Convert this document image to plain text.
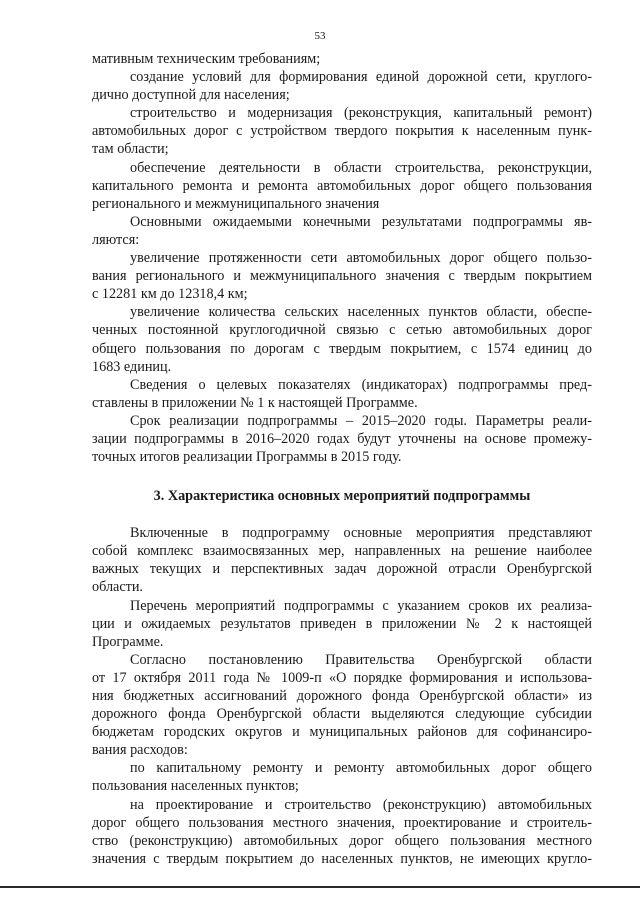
53
мативным техническим требованиям;
создание условий для формирования единой дорожной сети, круглого-
дично доступной для населения;
строительство и модернизация (реконструкция, капитальный ремонт)
автомобильных дорог с устройством твердого покрытия к населенным пунк-
там области;
обеспечение деятельности в области строительства, реконструкции,
капитального ремонта и ремонта автомобильных дорог общего пользования
регионального и межмуниципального значения
Основными ожидаемыми конечными результатами подпрограммы яв-
ляются:
увеличение протяженности сети автомобильных дорог общего пользо-
вания регионального и межмуниципального значения с твердым покрытием
с 12281 км до 12318,4 км;
увеличение количества сельских населенных пунктов области, обеспе-
ченных постоянной круглогодичной связью с сетью автомобильных дорог
общего пользования по дорогам с твердым покрытием, с 1574 единиц до
1683 единиц.
Сведения о целевых показателях (индикаторах) подпрограммы пред-
ставлены в приложении № 1 к настоящей Программе.
Срок реализации подпрограммы – 2015–2020 годы. Параметры реали-
зации подпрограммы в 2016–2020 годах будут уточнены на основе промежу-
точных итогов реализации Программы в 2015 году.
3. Характеристика основных мероприятий подпрограммы
Включенные в подпрограмму основные мероприятия представляют
собой комплекс взаимосвязанных мер, направленных на решение наиболее
важных текущих и перспективных задач дорожной отрасли Оренбургской
области.
Перечень мероприятий подпрограммы с указанием сроков их реализа-
ции и ожидаемых результатов приведен в приложении № 2 к настоящей
Программе.
Согласно постановлению Правительства Оренбургской области
от 17 октября 2011 года № 1009-п «О порядке формирования и использова-
ния бюджетных ассигнований дорожного фонда Оренбургской области» из
дорожного фонда Оренбургской области выделяются следующие субсидии
бюджетам городских округов и муниципальных районов для софинансиро-
вания расходов:
по капитальному ремонту и ремонту автомобильных дорог общего
пользования населенных пунктов;
на проектирование и строительство (реконструкцию) автомобильных
дорог общего пользования местного значения, проектирование и строитель-
ство (реконструкцию) автомобильных дорог общего пользования местного
значения с твердым покрытием до населенных пунктов, не имеющих кругло-
